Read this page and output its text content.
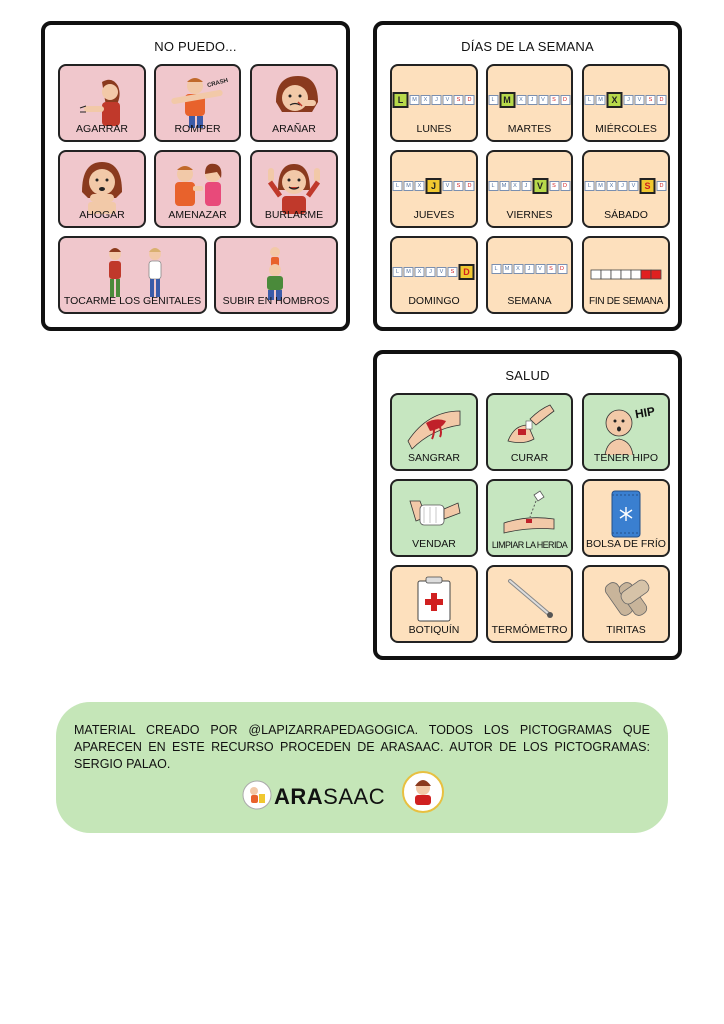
NO PUEDO...
AGARRAR
CRASH
ROMPER	ARAÑAR
AHOGAR	AMENAZAR	BURLARME
TOCARME LOS GENITALES	SUBIR EN HOMBROS
DÍAS DE LA SEMANA
L	M	X	J	V	S	D
LUNES
L M	X	J	V	S	D
MARTES
L	M X	J	V	S	D
MIÉRCOLES
L	M	X	J	V	S	D
JUEVES
L	M	X	J	V	S	D
VIERNES
L	M	X	J	V	S	D
SÁBADO
L	M	X	J	V	S D
DOMINGO
L	M	X	J	V	S	D
SEMANA	FIN DE SEMANA
SALUD
SANGRAR	CURAR
HIP
TENER HIPO
VENDAR	LIMPIAR LA HERIDA	BOLSA DE FRÍO
BOTIQUÍN	TERMÓMETRO	TIRITAS
MATERIAL CREADO POR @LAPIZARRAPEDAGOGICA. TODOS LOS PICTOGRAMAS QUE APARECEN EN ESTE RECURSO PROCEDEN DE ARASAAC. AUTOR DE LOS PICTOGRAMAS: SERGIO PALAO.
ARASAAC
